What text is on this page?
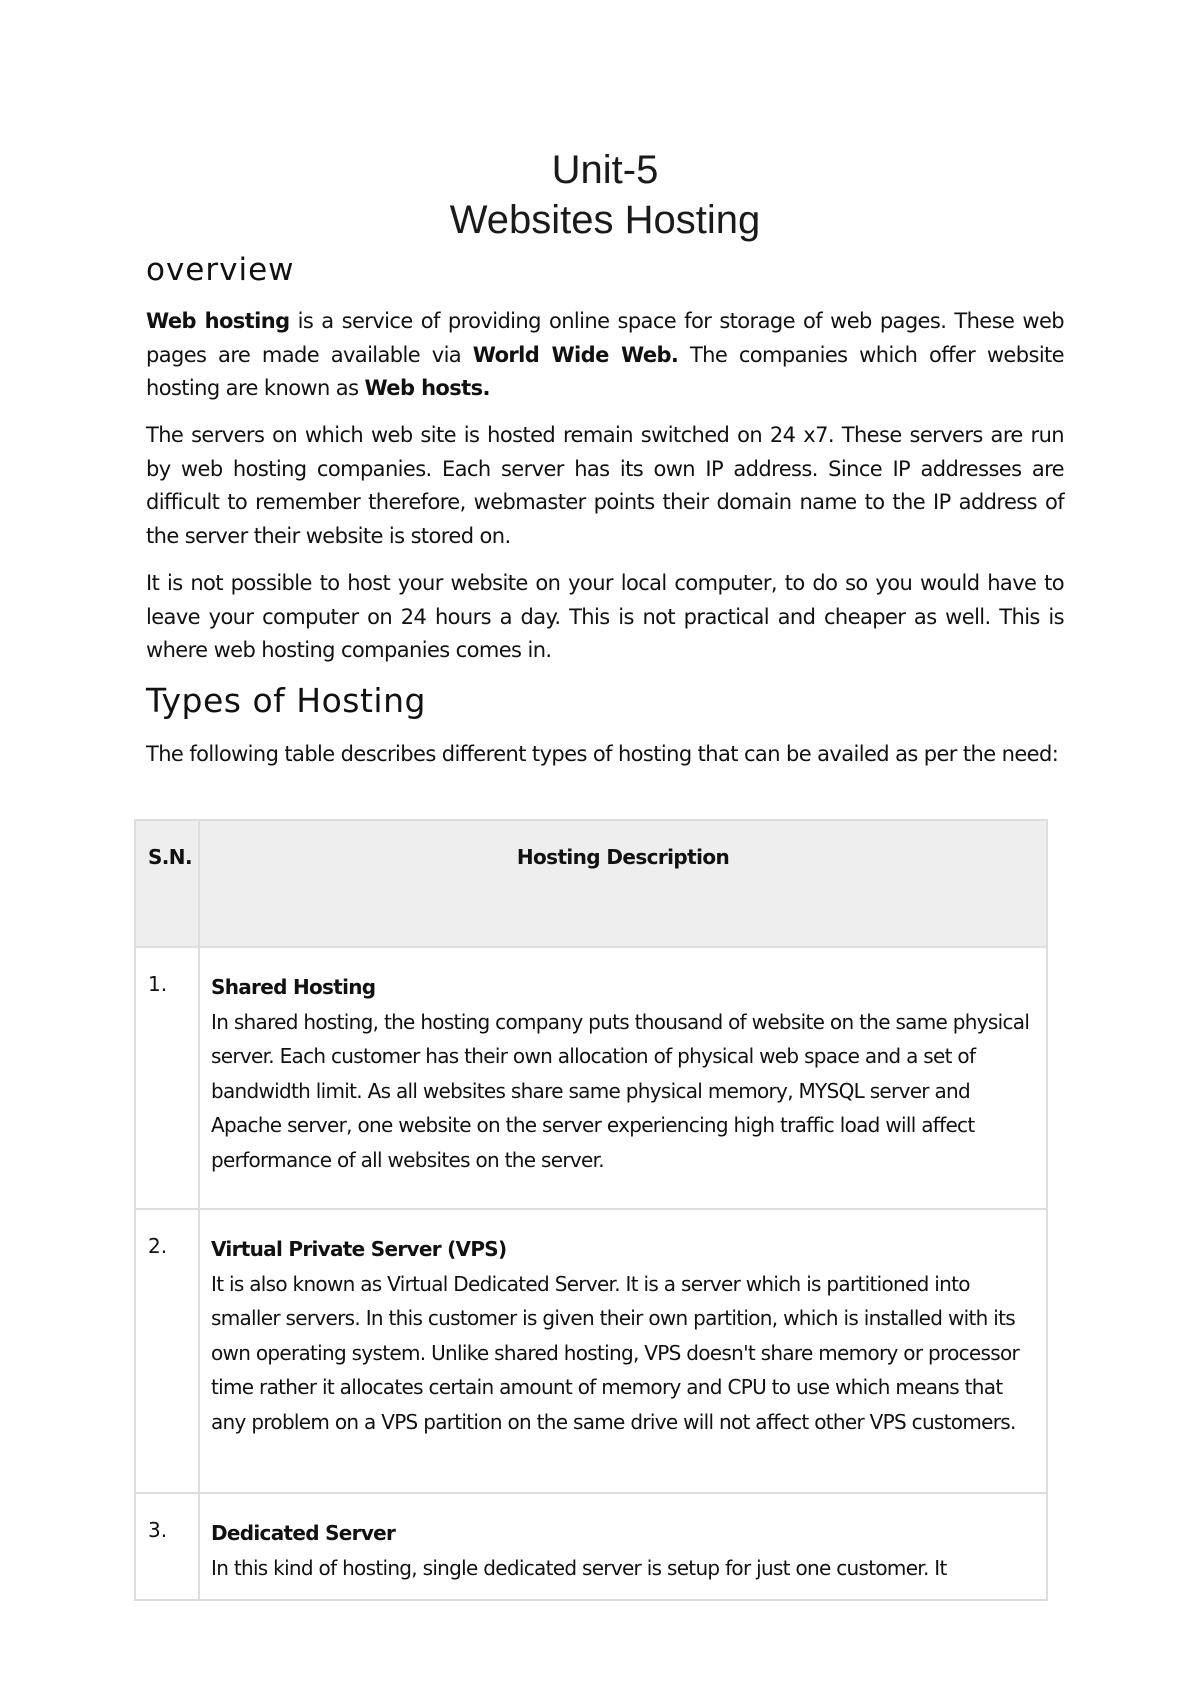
Unit-5
Websites Hosting
overview

Web hosting is a service of providing online space for storage of web pages. These web pages are made available via World Wide Web. The companies which offer website hosting are known as Web hosts.

The servers on which web site is hosted remain switched on 24 x7. These servers are run by web hosting companies. Each server has its own IP address. Since IP addresses are difficult to remember therefore, webmaster points their domain name to the IP address of the server their website is stored on.

It is not possible to host your website on your local computer, to do so you would have to leave your computer on 24 hours a day. This is not practical and cheaper as well. This is where web hosting companies comes in.

Types of Hosting

The following table describes different types of hosting that can be availed as per the need:

S.N.	Hosting Description
1.	Shared Hosting
In shared hosting, the hosting company puts thousand of website on the same physical server. Each customer has their own allocation of physical web space and a set of bandwidth limit. As all websites share same physical memory, MYSQL server and Apache server, one website on the server experiencing high traffic load will affect performance of all websites on the server.

2.	Virtual Private Server (VPS)
It is also known as Virtual Dedicated Server. It is a server which is partitioned into smaller servers. In this customer is given their own partition, which is installed with its own operating system. Unlike shared hosting, VPS doesn't share memory or processor time rather it allocates certain amount of memory and CPU to use which means that any problem on a VPS partition on the same drive will not affect other VPS customers.

3.	Dedicated Server
In this kind of hosting, single dedicated server is setup for just one customer. It
